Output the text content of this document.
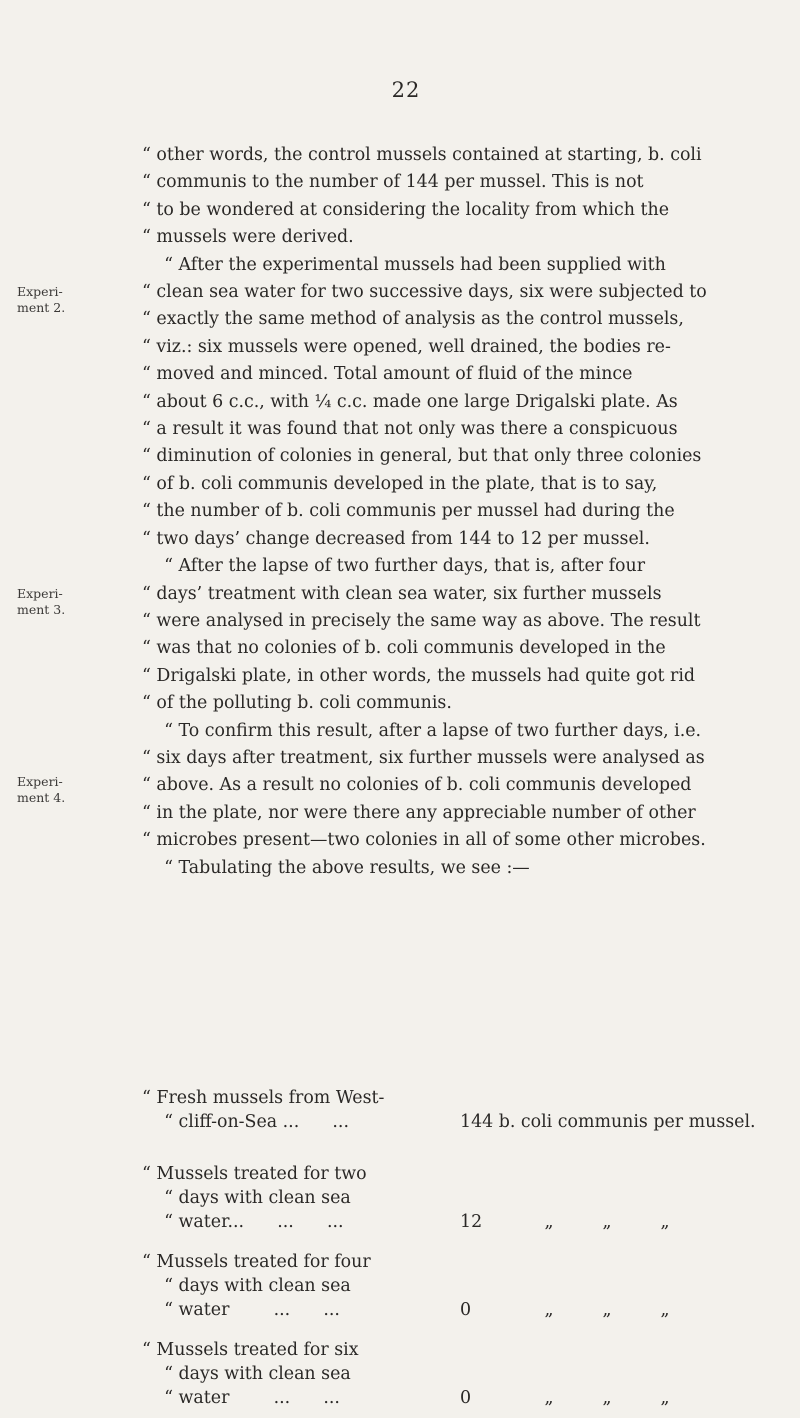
22
Experi-
ment 2.
Experi-
ment 3.
Experi-
ment 4.
“ other words, the control mussels contained at starting, b. coli
“ communis to the number of 144 per mussel. This is not
“ to be wondered at considering the locality from which the
“ mussels were derived.
“ After the experimental mussels had been supplied with
“ clean sea water for two successive days, six were subjected to
“ exactly the same method of analysis as the control mussels,
“ viz.: six mussels were opened, well drained, the bodies re-
“ moved and minced. Total amount of fluid of the mince
“ about 6 c.c., with ¼ c.c. made one large Drigalski plate. As
“ a result it was found that not only was there a conspicuous
“ diminution of colonies in general, but that only three colonies
“ of b. coli communis developed in the plate, that is to say,
“ the number of b. coli communis per mussel had during the
“ two days’ change decreased from 144 to 12 per mussel.
“ After the lapse of two further days, that is, after four
“ days’ treatment with clean sea water, six further mussels
“ were analysed in precisely the same way as above. The result
“ was that no colonies of b. coli communis developed in the
“ Drigalski plate, in other words, the mussels had quite got rid
“ of the polluting b. coli communis.
“ To confirm this result, after a lapse of two further days, i.e.
“ six days after treatment, six further mussels were analysed as
“ above. As a result no colonies of b. coli communis developed
“ in the plate, nor were there any appreciable number of other
“ microbes present—two colonies in all of some other microbes.
“ Tabulating the above results, we see :—
“ Fresh mussels from West-
“ cliff-on-Sea ...      ...	144 b. coli communis per mussel.
“ Mussels treated for two
“ days with clean sea
“ water...      ...      ...	12	„	„	„
“ Mussels treated for four
“ days with clean sea
“ water        ...      ...	0	„	„	„
“ Mussels treated for six
“ days with clean sea
“ water        ...      ...	0	„	„	„
